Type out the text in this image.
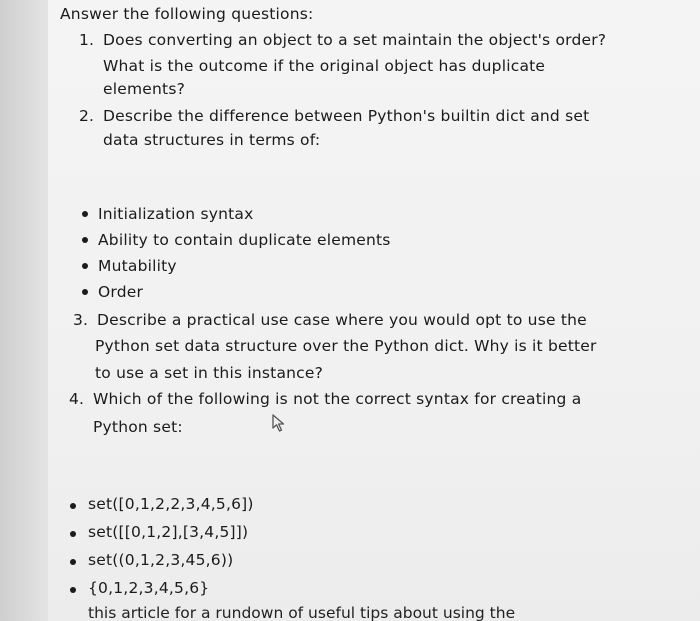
Answer the following questions:
1. Does converting an object to a set maintain the object's order?
What is the outcome if the original object has duplicate
elements?
2. Describe the difference between Python's builtin dict and set
data structures in terms of:
Initialization syntax
Ability to contain duplicate elements
Mutability
Order
3. Describe a practical use case where you would opt to use the
Python set data structure over the Python dict. Why is it better
to use a set in this instance?
4. Which of the following is not the correct syntax for creating a
Python set:
set([0,1,2,2,3,4,5,6])
set([[0,1,2],[3,4,5]])
set((0,1,2,3,45,6))
{0,1,2,3,4,5,6}
this article for a rundown of useful tips about using the
